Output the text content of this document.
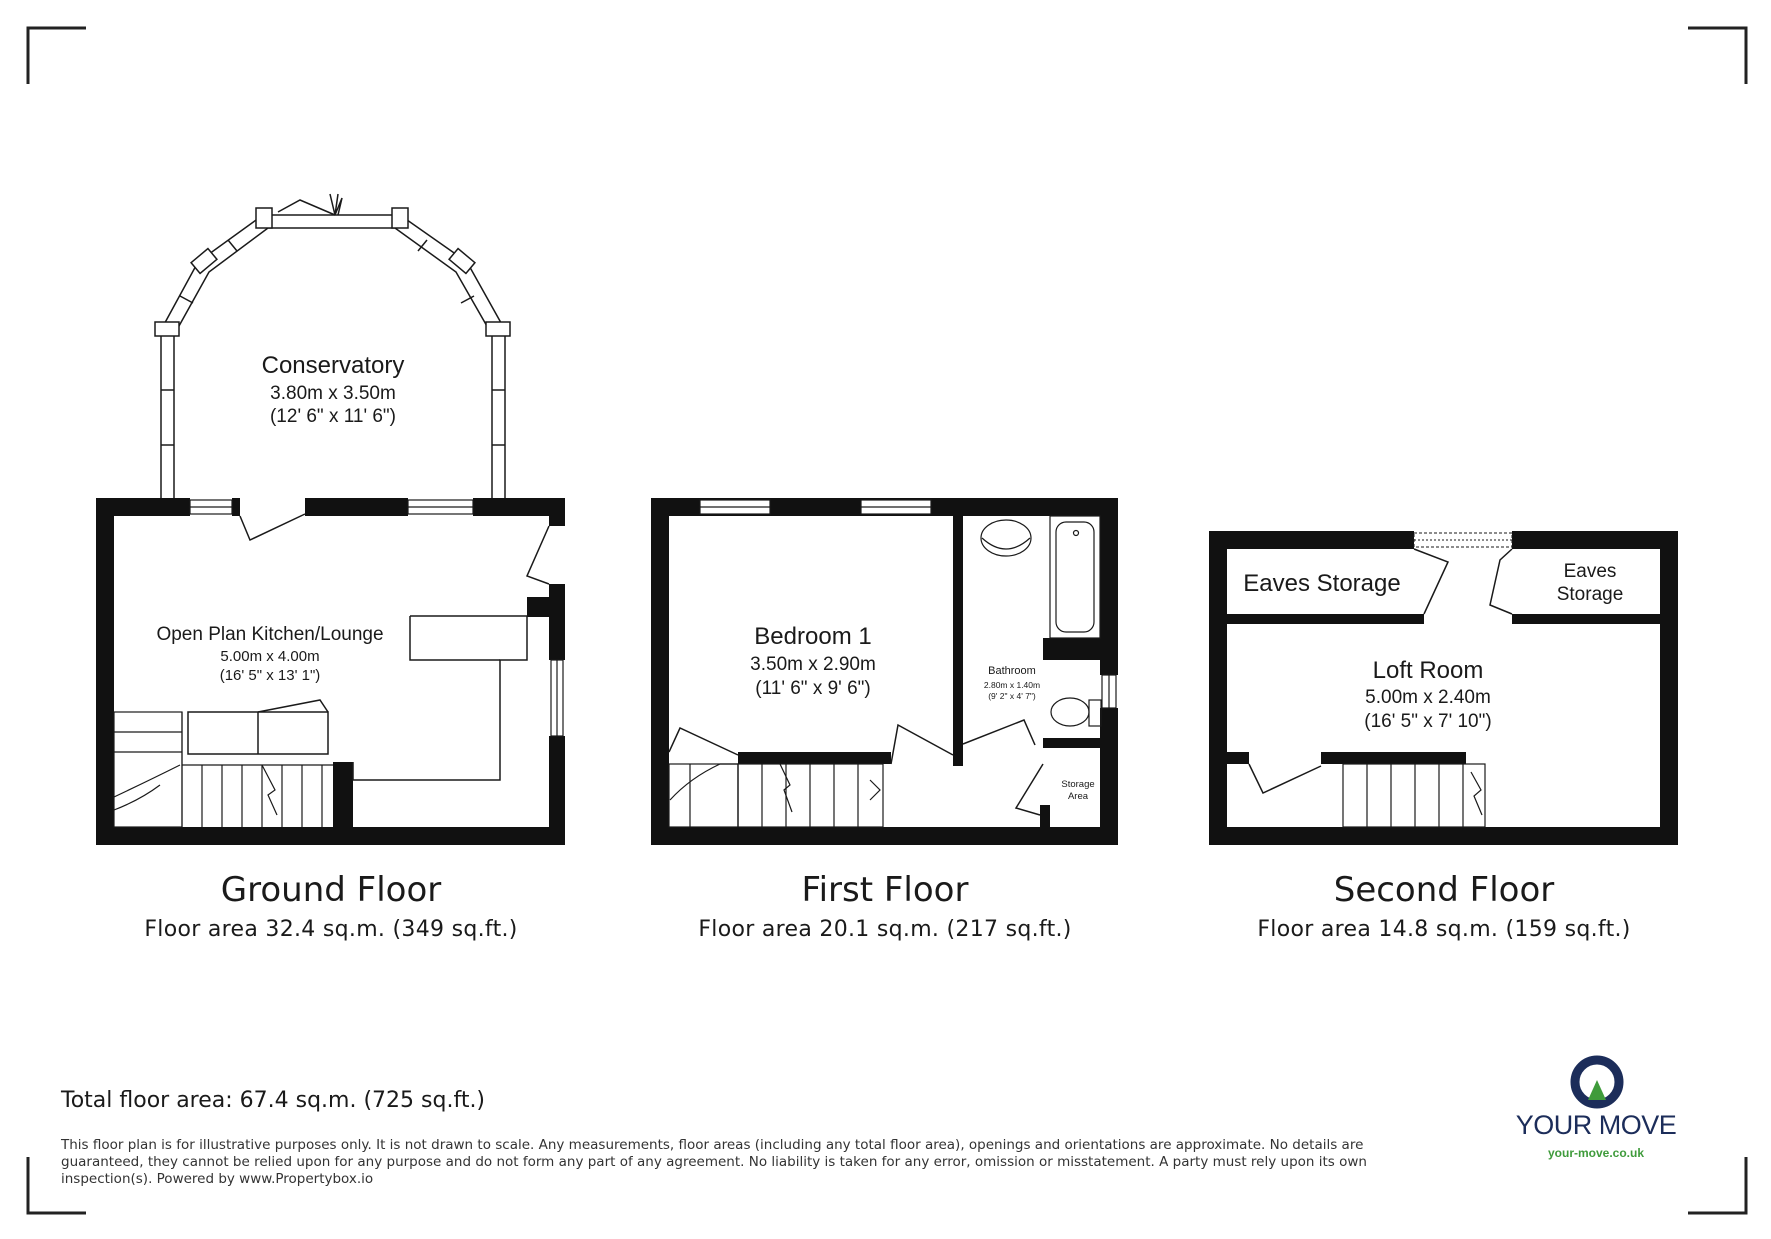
Conservatory
3.80m x 3.50m
(12' 6" x 11' 6")
Open Plan Kitchen/Lounge
5.00m x 4.00m
(16' 5" x 13' 1")
Bedroom 1
3.50m x 2.90m
(11' 6" x 9' 6")
Bathroom
2.80m x 1.40m
(9' 2" x 4' 7")
Storage
Area
Eaves Storage	Eaves
Storage
Loft Room
5.00m x 2.40m
(16' 5" x 7' 10")
Ground Floor
Floor area 32.4 sq.m. (349 sq.ft.)
First Floor
Floor area 20.1 sq.m. (217 sq.ft.)
Second Floor
Floor area 14.8 sq.m. (159 sq.ft.)
Total floor area: 67.4 sq.m. (725 sq.ft.)
This floor plan is for illustrative purposes only. It is not drawn to scale. Any measurements, floor areas (including any total floor area), openings and orientations are approximate. No details are guaranteed, they cannot be relied upon for any purpose and do not form any part of any agreement. No liability is taken for any error, omission or misstatement. A party must rely upon its own inspection(s). Powered by www.Propertybox.io
YOUR MOVE
your-move.co.uk
